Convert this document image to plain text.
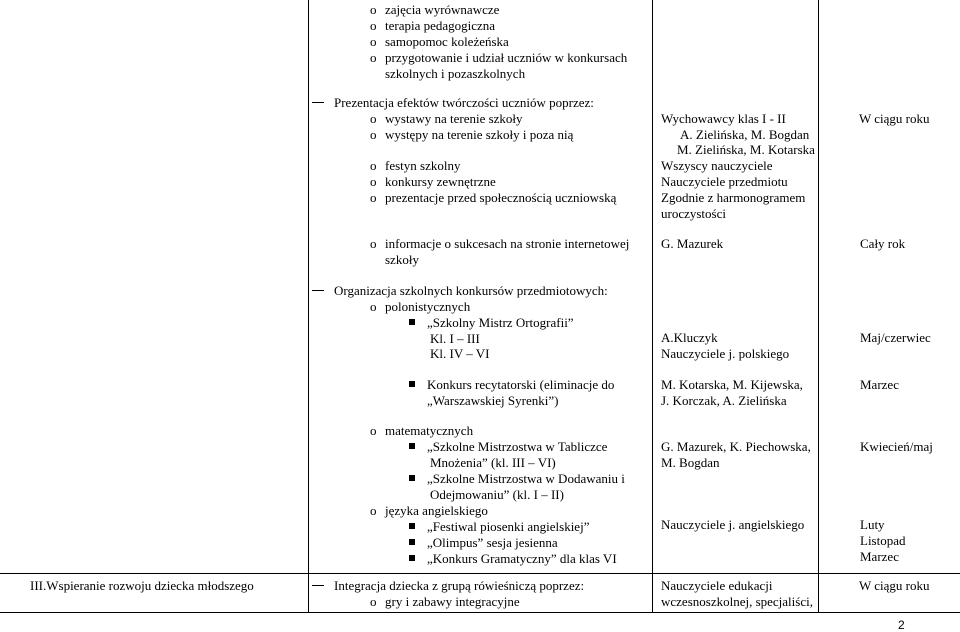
o zajęcia wyrównawcze
o terapia pedagogiczna
o samopomoc koleżeńska
o przygotowanie i udział uczniów w konkursach
szkolnych i pozaszkolnych
Prezentacja efektów twórczości uczniów poprzez:
o wystawy na terenie szkoły
o występy na terenie szkoły i poza nią
o festyn szkolny
o konkursy zewnętrzne
o prezentacje przed społecznością uczniowską
o informacje o sukcesach na stronie internetowej
szkoły
Organizacja szkolnych konkursów przedmiotowych:
o polonistycznych
„Szkolny Mistrz Ortografii”
Kl. I – III
Kl. IV – VI
Konkurs recytatorski (eliminacje do
„Warszawskiej Syrenki”)
o matematycznych
„Szkolne Mistrzostwa w Tabliczce
Mnożenia” (kl. III – VI)
„Szkolne Mistrzostwa w Dodawaniu i
Odejmowaniu” (kl. I – II)
o języka angielskiego
„Festiwal piosenki angielskiej”
„Olimpus” sesja jesienna
„Konkurs Gramatyczny” dla klas VI
Integracja dziecka z grupą rówieśniczą poprzez:
o gry i zabawy integracyjne
Wychowawcy klas I - II
A. Zielińska, M. Bogdan
M. Zielińska, M. Kotarska
Wszyscy nauczyciele
Nauczyciele przedmiotu
Zgodnie z harmonogramem
uroczystości
G. Mazurek
A.Kluczyk
Nauczyciele j. polskiego
M. Kotarska, M. Kijewska,
J. Korczak, A. Zielińska
G. Mazurek, K. Piechowska,
M. Bogdan
Nauczyciele j. angielskiego
Nauczyciele edukacji
wczesnoszkolnej, specjaliści,
W ciągu roku
Cały rok
Maj/czerwiec
Marzec
Kwiecień/maj
Luty
Listopad
Marzec
W ciągu roku
III.Wspieranie rozwoju dziecka młodszego
2
